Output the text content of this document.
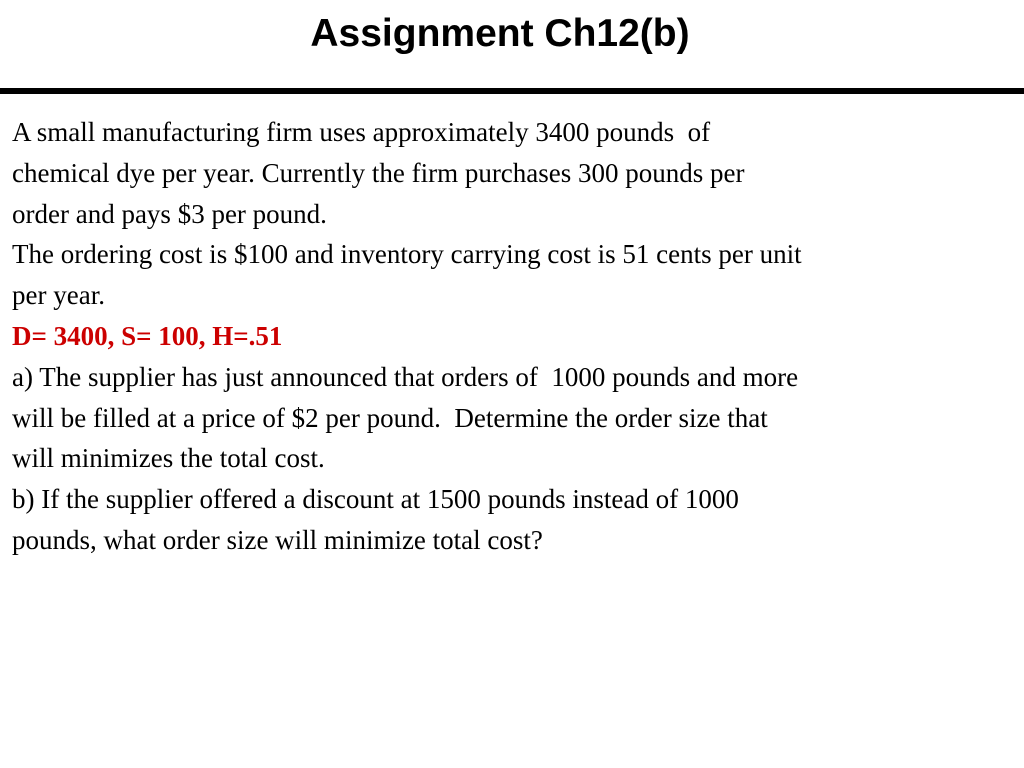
Assignment Ch12(b)
A small manufacturing firm uses approximately 3400 pounds  of
chemical dye per year. Currently the firm purchases 300 pounds per
order and pays $3 per pound.
The ordering cost is $100 and inventory carrying cost is 51 cents per unit
per year.
D= 3400, S= 100, H=.51
a) The supplier has just announced that orders of  1000 pounds and more
will be filled at a price of $2 per pound.  Determine the order size that
will minimizes the total cost.
b) If the supplier offered a discount at 1500 pounds instead of 1000
pounds, what order size will minimize total cost?
